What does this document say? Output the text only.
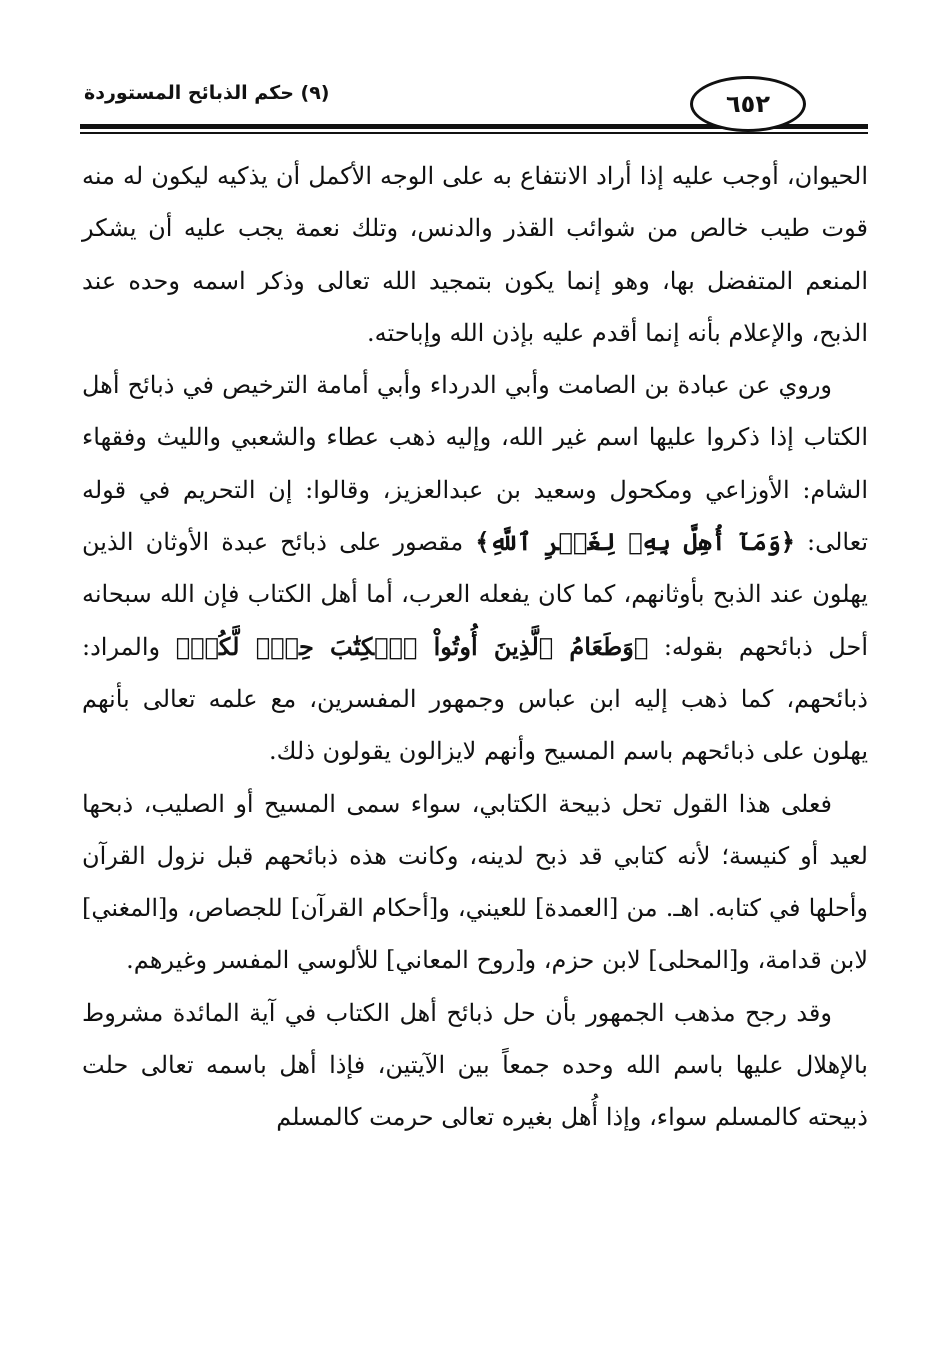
(٩) حكم الذبائح المستوردة	٦٥٢

الحيوان، أوجب عليه إذا أراد الانتفاع به على الوجه الأكمل أن يذكيه ليكون له منه قوت طيب خالص من شوائب القذر والدنس، وتلك نعمة يجب عليه أن يشكر المنعم المتفضل بها، وهو إنما يكون بتمجيد الله تعالى وذكر اسمه وحده عند الذبح، والإعلام بأنه إنما أقدم عليه بإذن الله وإباحته.

وروي عن عبادة بن الصامت وأبي الدرداء وأبي أمامة الترخيص في ذبائح أهل الكتاب إذا ذكروا عليها اسم غير الله، وإليه ذهب عطاء والشعبي والليث وفقهاء الشام: الأوزاعي ومكحول وسعيد بن عبدالعزيز، وقالوا: إن التحريم في قوله تعالى: ﴿وَمَآ أُهِلَّ بِهِۦ لِغَيۡرِ ٱللَّهِ﴾ مقصور على ذبائح عبدة الأوثان الذين يهلون عند الذبح بأوثانهم، كما كان يفعله العرب، أما أهل الكتاب فإن الله سبحانه أحل ذبائحهم بقوله: ﴿وَطَعَامُ ٱلَّذِينَ أُوتُواْ ٱلۡكِتَٰبَ حِلّٞ لَّكُمۡ﴾ والمراد: ذبائحهم، كما ذهب إليه ابن عباس وجمهور المفسرين، مع علمه تعالى بأنهم يهلون على ذبائحهم باسم المسيح وأنهم لايزالون يقولون ذلك.

فعلى هذا القول تحل ذبيحة الكتابي، سواء سمى المسيح أو الصليب، ذبحها لعيد أو كنيسة؛ لأنه كتابي قد ذبح لدينه، وكانت هذه ذبائحهم قبل نزول القرآن وأحلها في كتابه. اهـ. من [العمدة] للعيني، و[أحكام القرآن] للجصاص، و[المغني] لابن قدامة، و[المحلى] لابن حزم، و[روح المعاني] للألوسي المفسر وغيرهم.

وقد رجح مذهب الجمهور بأن حل ذبائح أهل الكتاب في آية المائدة مشروط بالإهلال عليها باسم الله وحده جمعاً بين الآيتين، فإذا أهل باسمه تعالى حلت ذبيحته كالمسلم سواء، وإذا أُهل بغيره تعالى حرمت كالمسلم
